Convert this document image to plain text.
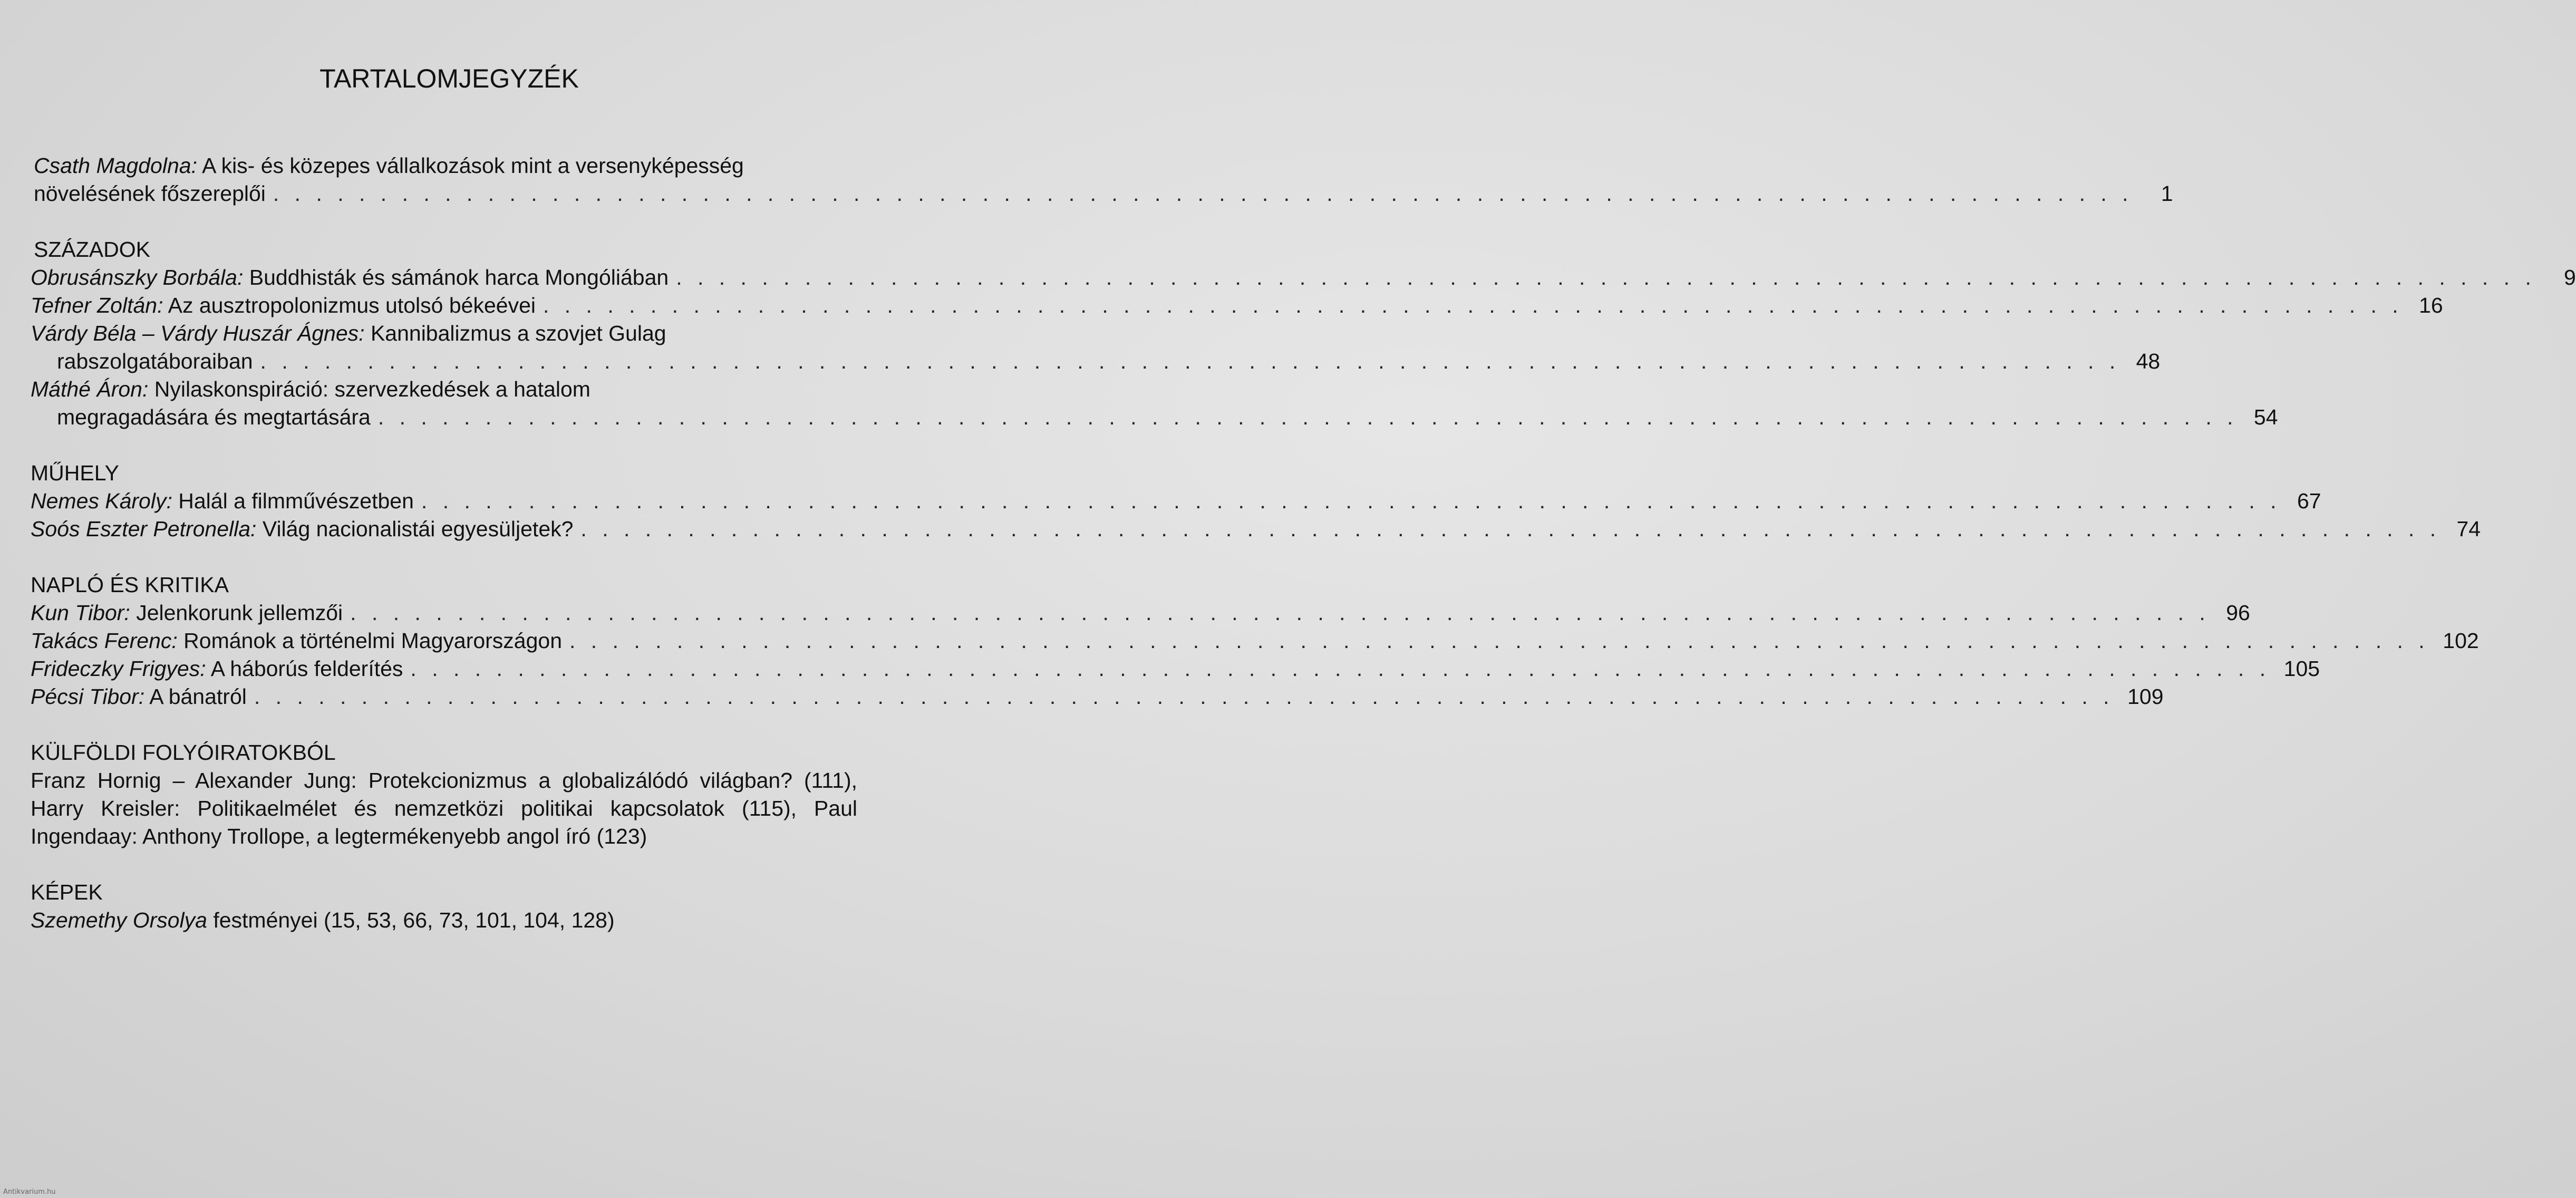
TARTALOMJEGYZÉK
Csath Magdolna: A kis- és közepes vállalkozások mint a versenyképesség
növelésének főszereplői . . . . . . . . . . . . . . . . . . . . . . . . . . . . . . . . . . . . . . . . . . . . . . . . . . . . . . . . . . . . . . . . . . . . . . . . . . . . . . . . . . . . . . .	1
SZÁZADOK
Obrusánszky Borbála: Buddhisták és sámánok harca Mongóliában . . . . . . . . . . . . . . . . . . . . . . . . . . . . . . . . . . . . . . . . . . . . . . . . . . . . . . . . . . . . . . . . . . . . . . . . . . . . . . . . . . . . . . .	9
Tefner Zoltán: Az ausztropolonizmus utolsó békeévei . . . . . . . . . . . . . . . . . . . . . . . . . . . . . . . . . . . . . . . . . . . . . . . . . . . . . . . . . . . . . . . . . . . . . . . . . . . . . . . . . . . . . . . 16
Várdy Béla – Várdy Huszár Ágnes: Kannibalizmus a szovjet Gulag
rabszolgatáboraiban . . . . . . . . . . . . . . . . . . . . . . . . . . . . . . . . . . . . . . . . . . . . . . . . . . . . . . . . . . . . . . . . . . . . . . . . . . . . . . . . . . . . . . . 48
Máthé Áron: Nyilaskonspiráció: szervezkedések a hatalom
megragadására és megtartására . . . . . . . . . . . . . . . . . . . . . . . . . . . . . . . . . . . . . . . . . . . . . . . . . . . . . . . . . . . . . . . . . . . . . . . . . . . . . . . . . . . . . . . 54
MŰHELY
Nemes Károly: Halál a filmművészetben . . . . . . . . . . . . . . . . . . . . . . . . . . . . . . . . . . . . . . . . . . . . . . . . . . . . . . . . . . . . . . . . . . . . . . . . . . . . . . . . . . . . . . . 67
Soós Eszter Petronella: Világ nacionalistái egyesüljetek? . . . . . . . . . . . . . . . . . . . . . . . . . . . . . . . . . . . . . . . . . . . . . . . . . . . . . . . . . . . . . . . . . . . . . . . . . . . . . . . . . . . . . . . 74
NAPLÓ ÉS KRITIKA
Kun Tibor: Jelenkorunk jellemzői . . . . . . . . . . . . . . . . . . . . . . . . . . . . . . . . . . . . . . . . . . . . . . . . . . . . . . . . . . . . . . . . . . . . . . . . . . . . . . . . . . . . . . . 96
Takács Ferenc: Románok a történelmi Magyarországon . . . . . . . . . . . . . . . . . . . . . . . . . . . . . . . . . . . . . . . . . . . . . . . . . . . . . . . . . . . . . . . . . . . . . . . . . . . . . . . . . . . . . . . 102
Frideczky Frigyes: A háborús felderítés . . . . . . . . . . . . . . . . . . . . . . . . . . . . . . . . . . . . . . . . . . . . . . . . . . . . . . . . . . . . . . . . . . . . . . . . . . . . . . . . . . . . . . . 105
Pécsi Tibor: A bánatról . . . . . . . . . . . . . . . . . . . . . . . . . . . . . . . . . . . . . . . . . . . . . . . . . . . . . . . . . . . . . . . . . . . . . . . . . . . . . . . . . . . . . . . 109
KÜLFÖLDI FOLYÓIRATOKBÓL
Franz Hornig – Alexander Jung: Protekcionizmus a globalizálódó világban? (111), Harry Kreisler: Politikaelmélet és nemzetközi politikai kapcsolatok (115), Paul Ingendaay: Anthony Trollope, a legtermékenyebb angol író (123)
KÉPEK
Szemethy Orsolya festményei (15, 53, 66, 73, 101, 104, 128)
Antikvarium.hu
